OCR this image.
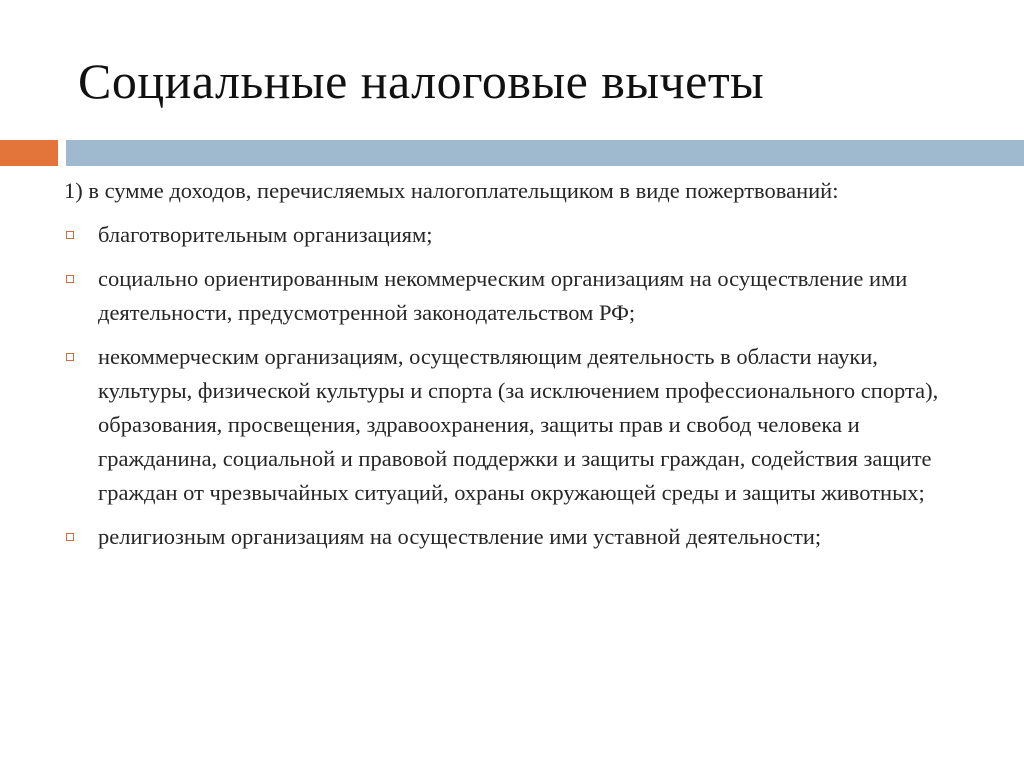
Социальные налоговые вычеты

1) в сумме доходов, перечисляемых налогоплательщиком в виде пожертвований:

благотворительным организациям;
социально ориентированным некоммерческим организациям на осуществление ими деятельности, предусмотренной законодательством РФ;
некоммерческим организациям, осуществляющим деятельность в области науки, культуры, физической культуры и спорта (за исключением профессионального спорта), образования, просвещения, здравоохранения, защиты прав и свобод человека и гражданина, социальной и правовой поддержки и защиты граждан, содействия защите граждан от чрезвычайных ситуаций, охраны окружающей среды и защиты животных;
религиозным организациям на осуществление ими уставной деятельности;
